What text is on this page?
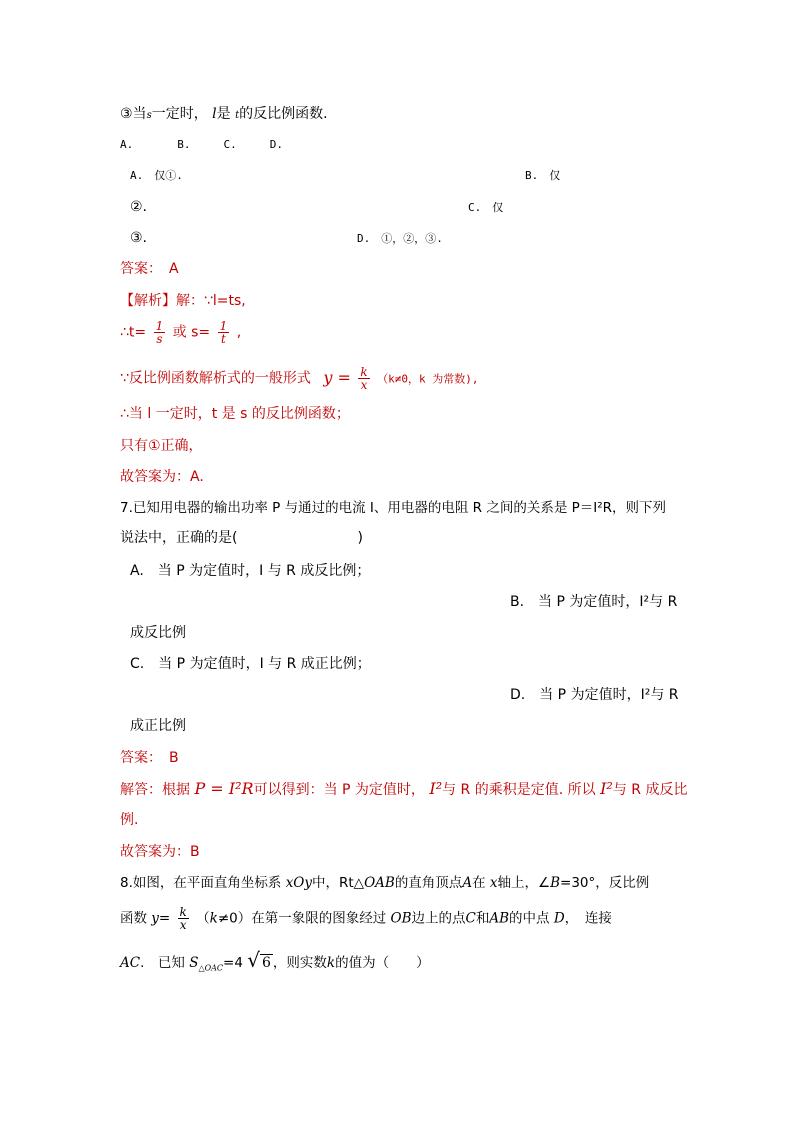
③当s一定时， l是 t的反比例函数.
A.　　　　B.　　　C.　　　D.
A.　仅①.	B.　仅
②.	C.　仅
③.	D.　①，②，③.
答案：　A
【解析】解：∵l=ts,
∴t= $\frac{1}{s}$ 或 $s= \frac{1}{t}$ ,
∵反比例函数解析式的一般形式 $y = \frac{k}{x} (k\ne 0$，k 为常数),
∴当 l 一定时，t 是 s 的反比例函数；
只有①正确，
故答案为：A.
7.已知用电器的输出功率 P 与通过的电流 I、用电器的电阻 R 之间的关系是 P＝I²R，则下列
说法中，正确的是(	)
A.　当 P 为定值时，I 与 R 成反比例；
B.　当 P 为定值时，I²与 R
成反比例
C.　当 P 为定值时，I 与 R 成正比例；
D.　当 P 为定值时，I²与 R
成正比例
答案：　B
解答：根据 P = I²R可以得到：当 P 为定值时， I²与 R 的乘积是定值. 所以 I²与 R 成反比
例.
故答案为：B
8.如图，在平面直角坐标系 xOy中，Rt△OAB的直角顶点A在 x轴上，∠B=30°，反比例
函数 $y= \frac{k}{x} (k\ne 0)$在第一象限的图象经过 OB边上的点C和AB的中点 D，　连接
AC.　已知 $S_{\triangle OAC}=4$ √ 6 ，则实数k的值为（　　）
